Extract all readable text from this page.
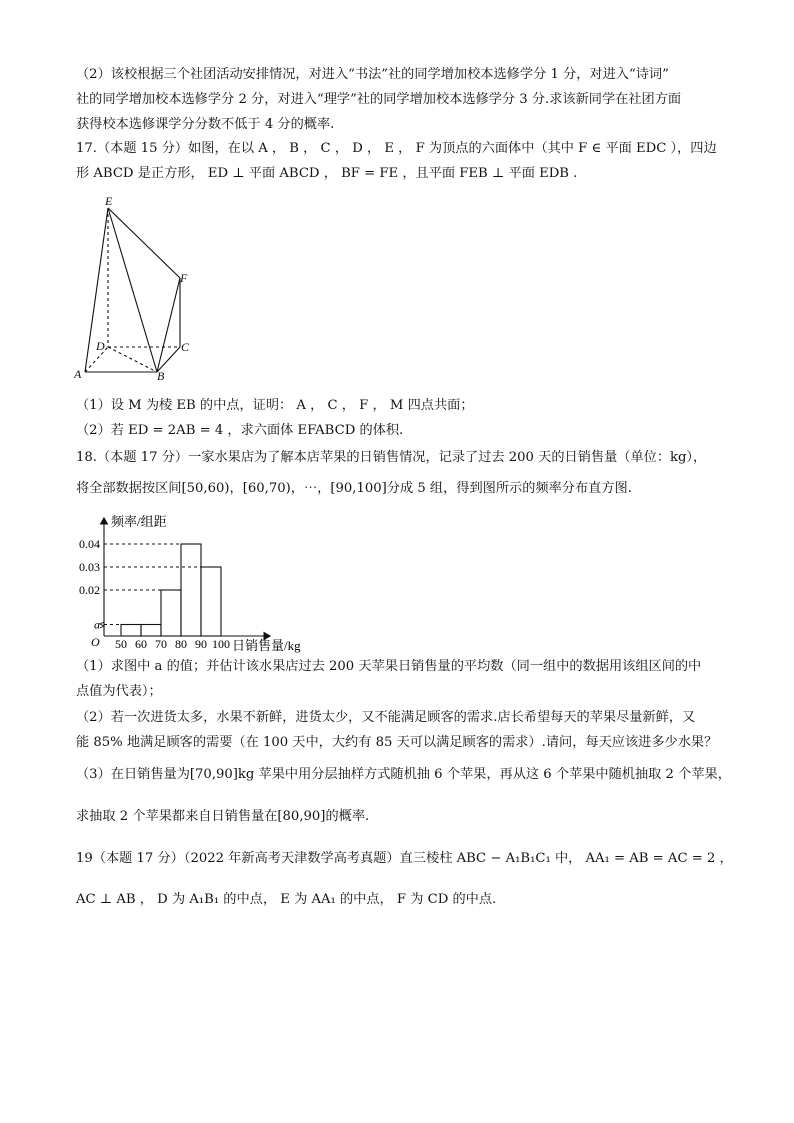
（2）该校根据三个社团活动安排情况，对进入“书法”社的同学增加校本选修学分 1 分，对进入“诗词”
社的同学增加校本选修学分 2 分，对进入“理学”社的同学增加校本选修学分 3 分.求该新同学在社团方面
获得校本选修课学分分数不低于 4 分的概率.
17.（本题 15 分）如图，在以 A ， B ， C ， D ， E ， F 为顶点的六面体中（其中 F ∈ 平面 EDC ），四边
形 ABCD 是正方形， ED ⊥ 平面 ABCD ， BF = FE ，且平面 FEB ⊥ 平面 EDB .
E
F
D	C
A	B
（1）设 M 为棱 EB 的中点，证明： A ， C ， F ， M 四点共面；
（2）若 ED = 2AB = 4 ，求六面体 EFABCD 的体积.
18.（本题 17 分）一家水果店为了解本店苹果的日销售情况，记录了过去 200 天的日销售量（单位：kg），
将全部数据按区间[50,60)，[60,70)，⋯，[90,100]分成 5 组，得到图所示的频率分布直方图.
频率/组距
日销售量/kg
O
0.04
0.03
0.02
a
50 60 70 80 90 100
（1）求图中 a 的值；并估计该水果店过去 200 天苹果日销售量的平均数（同一组中的数据用该组区间的中
点值为代表）；
（2）若一次进货太多，水果不新鲜，进货太少，又不能满足顾客的需求.店长希望每天的苹果尽量新鲜，又
能 85% 地满足顾客的需要（在 100 天中，大约有 85 天可以满足顾客的需求）.请问，每天应该进多少水果？
（3）在日销售量为[70,90]kg 苹果中用分层抽样方式随机抽 6 个苹果，再从这 6 个苹果中随机抽取 2 个苹果，
求抽取 2 个苹果都来自日销售量在[80,90]的概率.
19（本题 17 分）（2022 年新高考天津数学高考真题）直三棱柱 ABC − A₁B₁C₁ 中， AA₁ = AB = AC = 2 ，
AC ⊥ AB ， D 为 A₁B₁ 的中点， E 为 AA₁ 的中点， F 为 CD 的中点.
